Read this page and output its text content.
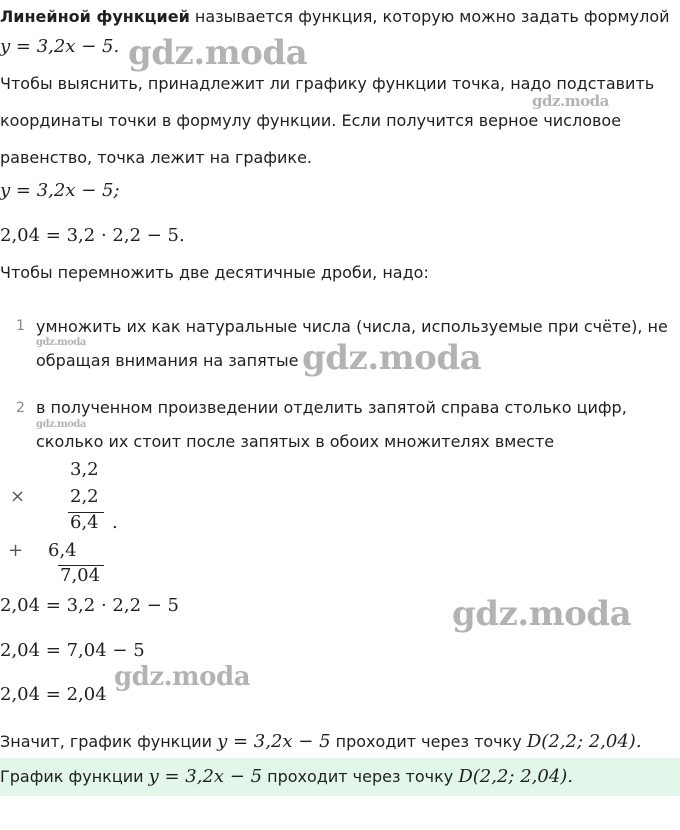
Линейной функцией называется функция, которую можно задать формулой
y = 3,2x − 5. gdz.moda
Чтобы выяснить, принадлежит ли графику функции точка, надо подставить
gdz.moda
координаты точки в формулу функции. Если получится верное числовое
равенство, точка лежит на графике.
y = 3,2x − 5;
2,04 = 3,2 · 2,2 − 5.
Чтобы перемножить две десятичные дроби, надо:
1 умножить их как натуральные числа (числа, используемые при счёте), не
gdz.moda
обращая внимания на запятые gdz.moda
2 в полученном произведении отделить запятой справа столько цифр,
gdz.moda
сколько их стоит после запятых в обоих множителях вместе
3,2
× 2,2
6,4 .
+ 6,4
7,04
2,04 = 3,2 · 2,2 − 5	gdz.moda
2,04 = 7,04 − 5
gdz.moda
2,04 = 2,04
Значит, график функции y = 3,2x − 5 проходит через точку D(2,2; 2,04).
График функции y = 3,2x − 5 проходит через точку D(2,2; 2,04).
